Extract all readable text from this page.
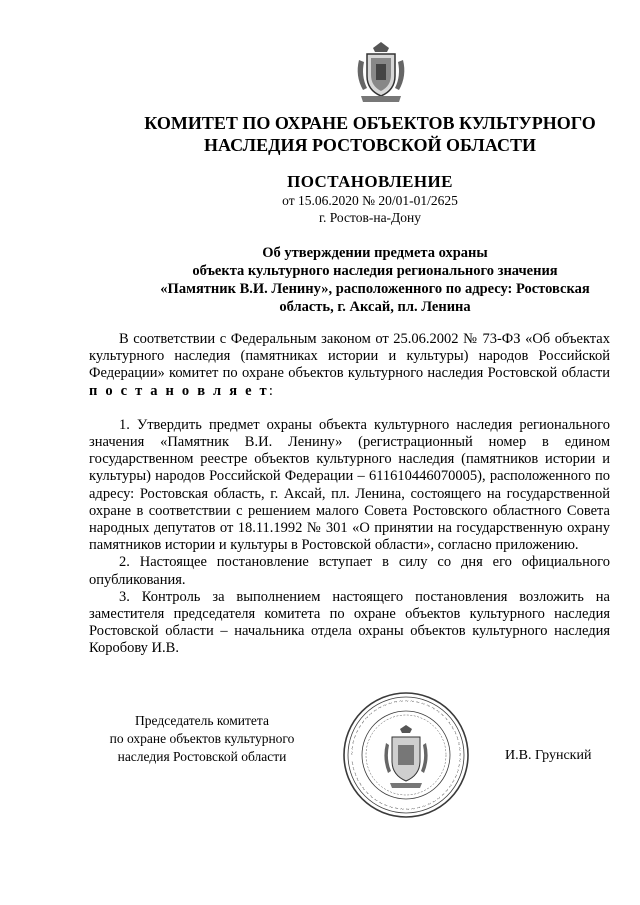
КОМИТЕТ ПО ОХРАНЕ ОБЪЕКТОВ КУЛЬТУРНОГО
НАСЛЕДИЯ РОСТОВСКОЙ ОБЛАСТИ
ПОСТАНОВЛЕНИЕ
от 15.06.2020 № 20/01-01/2625
г. Ростов-на-Дону
Об утверждении предмета охраны
объекта культурного наследия регионального значения
«Памятник В.И. Ленину», расположенного по адресу: Ростовская
область, г. Аксай, пл. Ленина

В соответствии с Федеральным законом от 25.06.2002 № 73-ФЗ «Об объектах культурного наследия (памятниках истории и культуры) народов Российской Федерации» комитет по охране объектов культурного наследия Ростовской области п о с т а н о в л я е т:

1. Утвердить предмет охраны объекта культурного наследия регионального значения «Памятник В.И. Ленину» (регистрационный номер в едином государственном реестре объектов культурного наследия (памятников истории и культуры) народов Российской Федерации – 611610446070005), расположенного по адресу: Ростовская область, г. Аксай, пл. Ленина, состоящего на государственной охране в соответствии с решением малого Совета Ростовского областного Совета народных депутатов от 18.11.1992 № 301 «О принятии на государственную охрану памятников истории и культуры в Ростовской области», согласно приложению.

2. Настоящее постановление вступает в силу со дня его официального опубликования.

3. Контроль за выполнением настоящего постановления возложить на заместителя председателя комитета по охране объектов культурного наследия Ростовской области – начальника отдела охраны объектов культурного наследия Коробову И.В.

Председатель комитета
по охране объектов культурного
наследия Ростовской области	~~~~~~~~~~~~~~~~~~~~~~~~~~~~~~~~~~~~~~~~~~~~~~~~~~~~~~~~~~~~
И.В. Грунский
